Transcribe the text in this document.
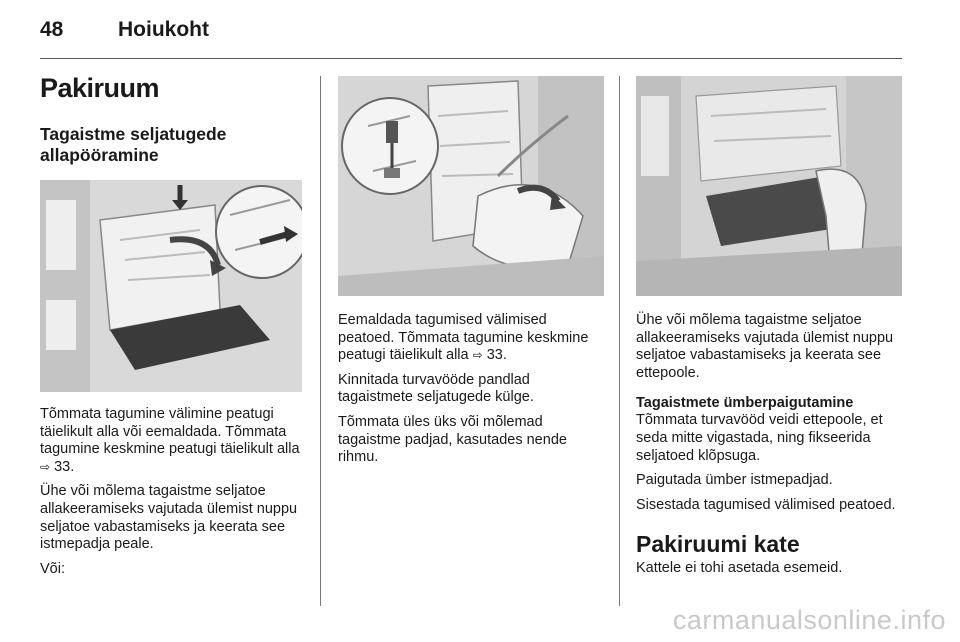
48	Hoiukoht
Pakiruum
Tagaistme seljatugede allapööramine

Tõmmata tagumine välimine peatugi täielikult alla või eemaldada. Tõmmata tagumine keskmine peatugi täielikult alla ⇨ 33.

Ühe või mõlema tagaistme seljatoe allakeeramiseks vajutada ülemist nuppu seljatoe vabastamiseks ja keerata see istmepadja peale.

Või:

Eemaldada tagumised välimised peatoed. Tõmmata tagumine keskmine peatugi täielikult alla ⇨ 33.

Kinnitada turvavööde pandlad tagaistmete seljatugede külge.

Tõmmata üles üks või mõlemad tagaistme padjad, kasutades nende rihmu.

Ühe või mõlema tagaistme seljatoe allakeeramiseks vajutada ülemist nuppu seljatoe vabastamiseks ja keerata see ettepoole.

Tagaistmete ümberpaigutamine

Tõmmata turvavööd veidi ettepoole, et seda mitte vigastada, ning fikseerida seljatoed klõpsuga.

Paigutada ümber istmepadjad.

Sisestada tagumised välimised peatoed.

Pakiruumi kate

Kattele ei tohi asetada esemeid.

carmanualsonline.info
